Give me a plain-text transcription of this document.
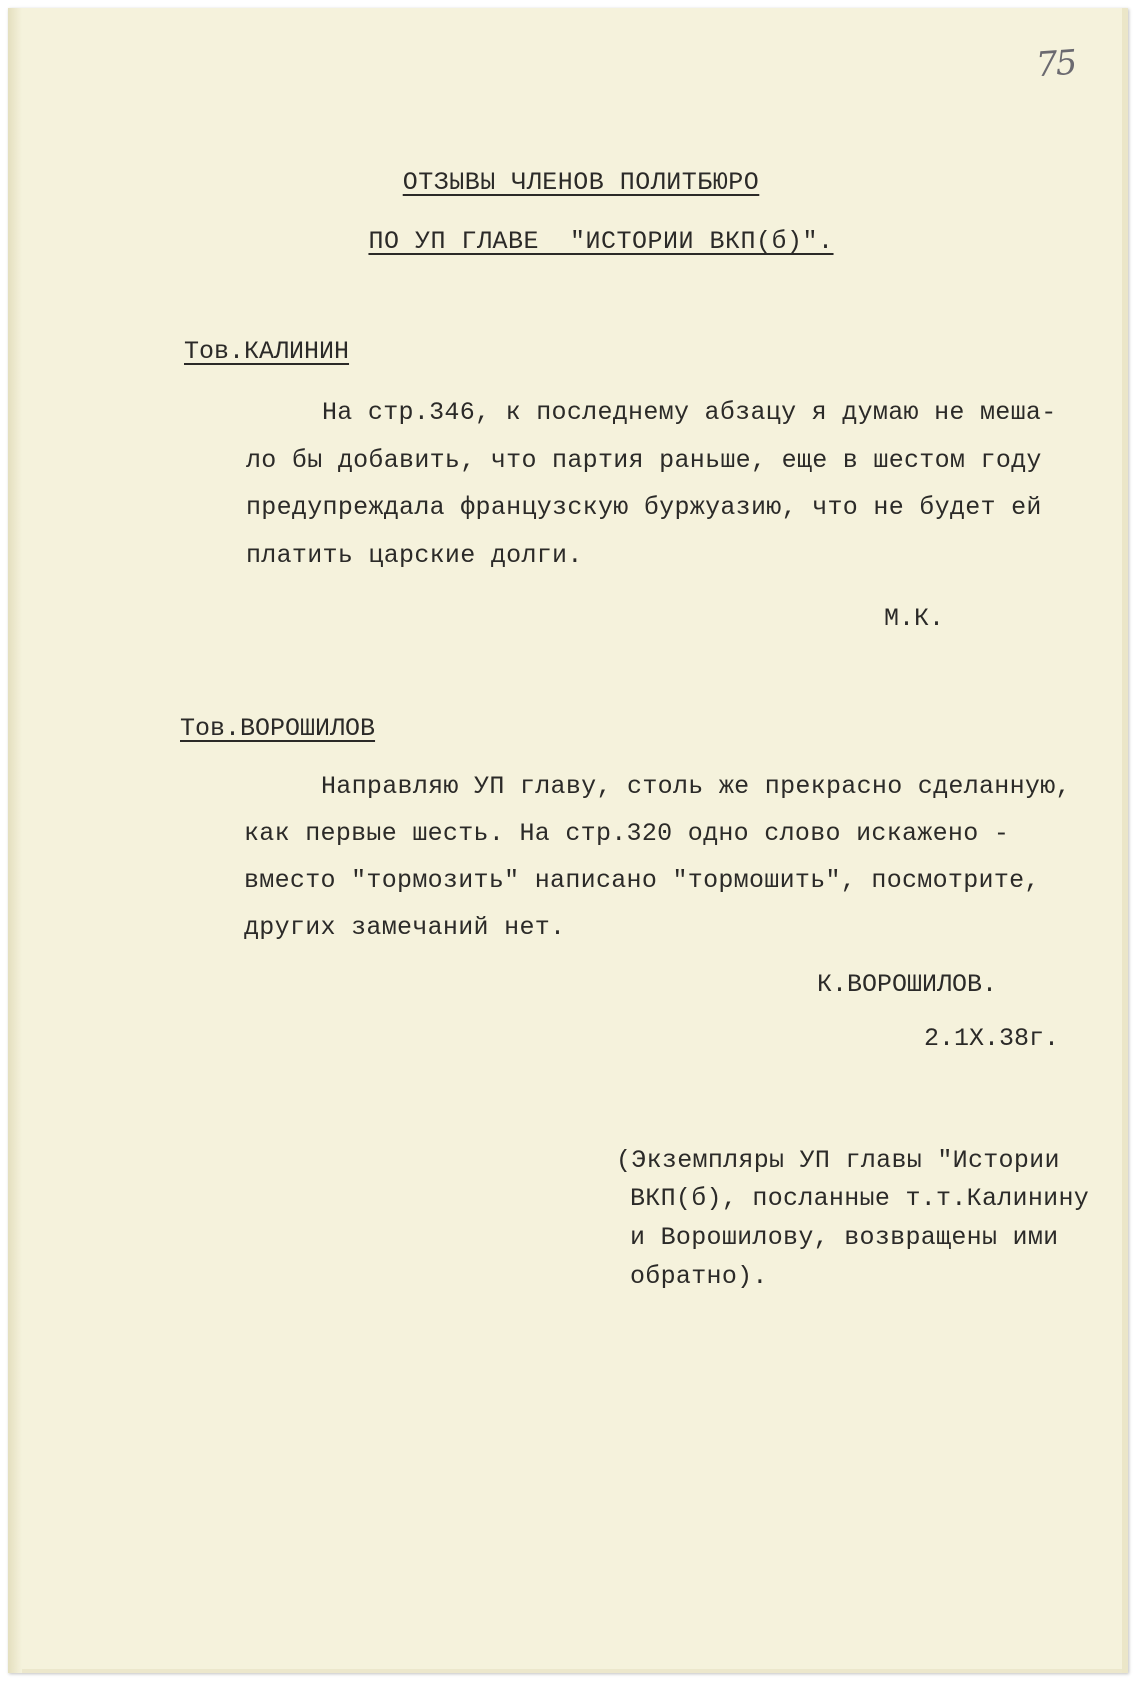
75
ОТЗЫВЫ ЧЛЕНОВ ПОЛИТБЮРО
ПО УП ГЛАВЕ  "ИСТОРИИ ВКП(б)".
Тов.КАЛИНИН
На стр.346, к последнему абзацу я думаю не меша-
ло бы добавить, что партия раньше, еще в шестом году
предупреждала французскую буржуазию, что не будет ей
платить царские долги.
М.К.
Тов.ВОРОШИЛОВ
Направляю УП главу, столь же прекрасно сделанную,
как первые шесть. На стр.320 одно слово искажено -
вместо "тормозить" написано "тормошить", посмотрите,
других замечаний нет.
К.ВОРОШИЛОВ.
2.1Х.38г.
(Экземпляры УП главы "Истории
ВКП(б), посланные т.т.Калинину
и Ворошилову, возвращены ими
обратно).
